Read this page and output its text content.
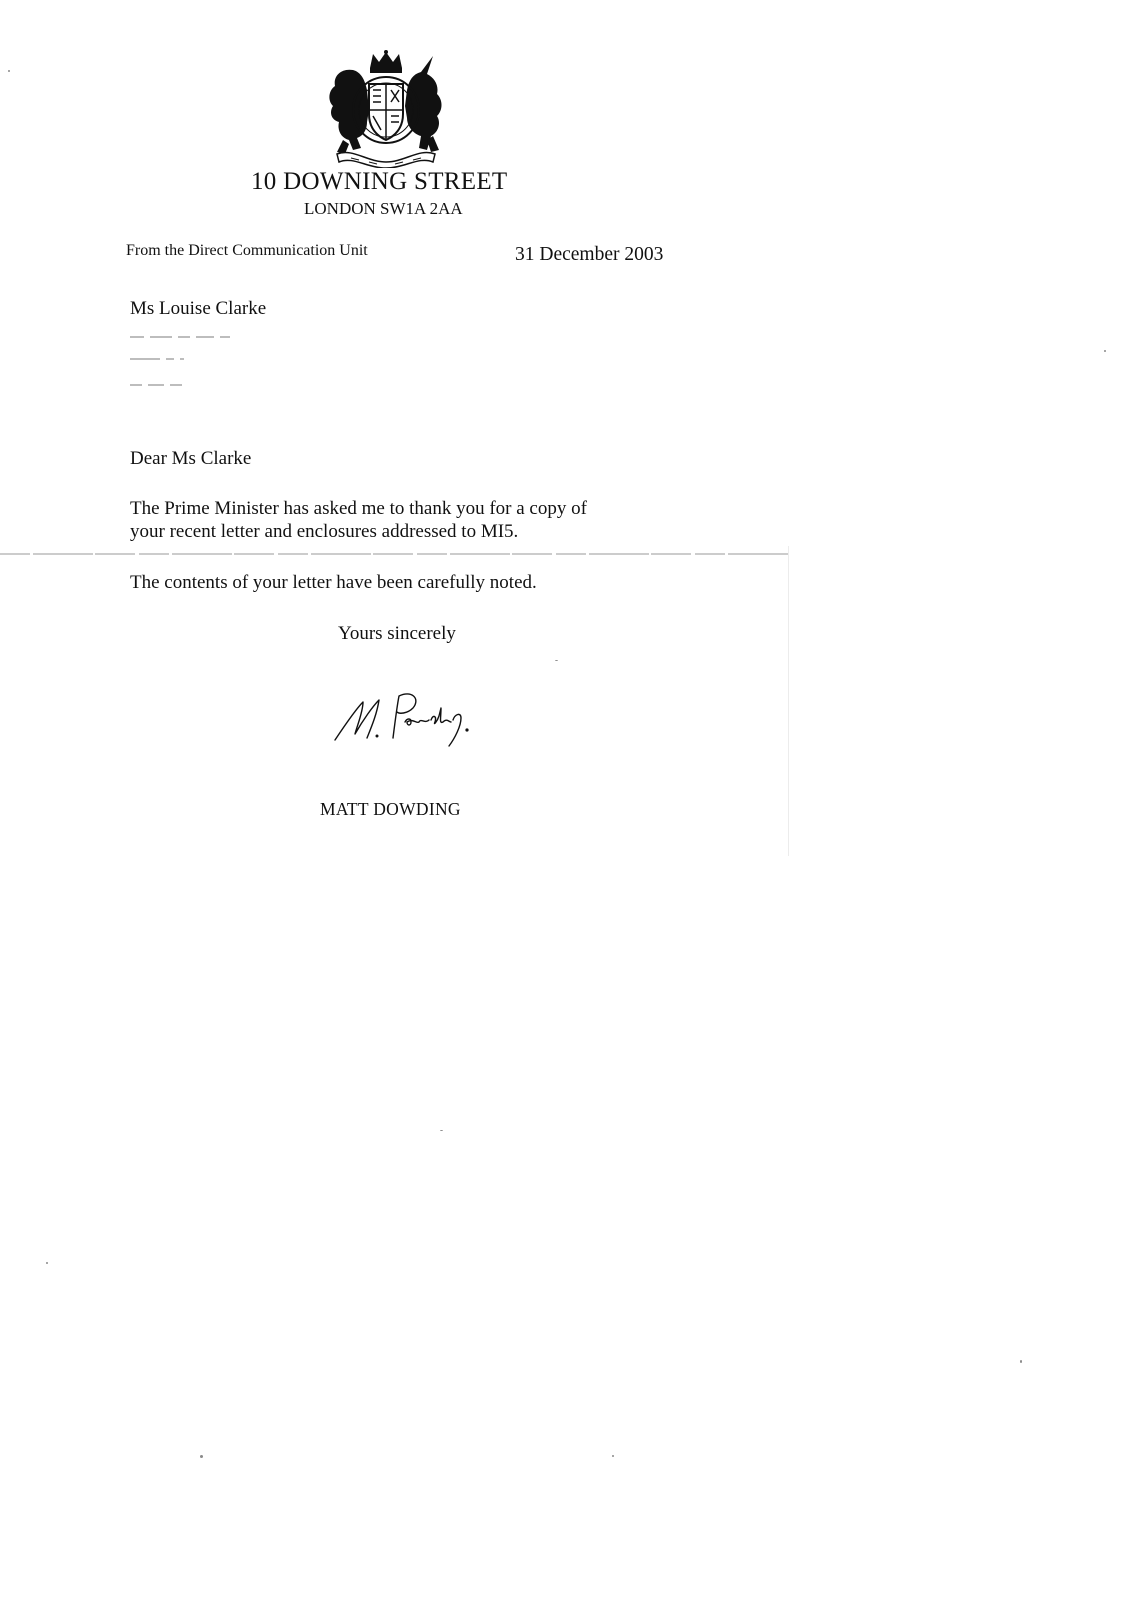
10 DOWNING STREET
LONDON SW1A 2AA
From the Direct Communication Unit	31 December 2003
Ms Louise Clarke
Dear Ms Clarke
The Prime Minister has asked me to thank you for a copy of
your recent letter and enclosures addressed to MI5.
The contents of your letter have been carefully noted.
Yours sincerely
MATT DOWDING
